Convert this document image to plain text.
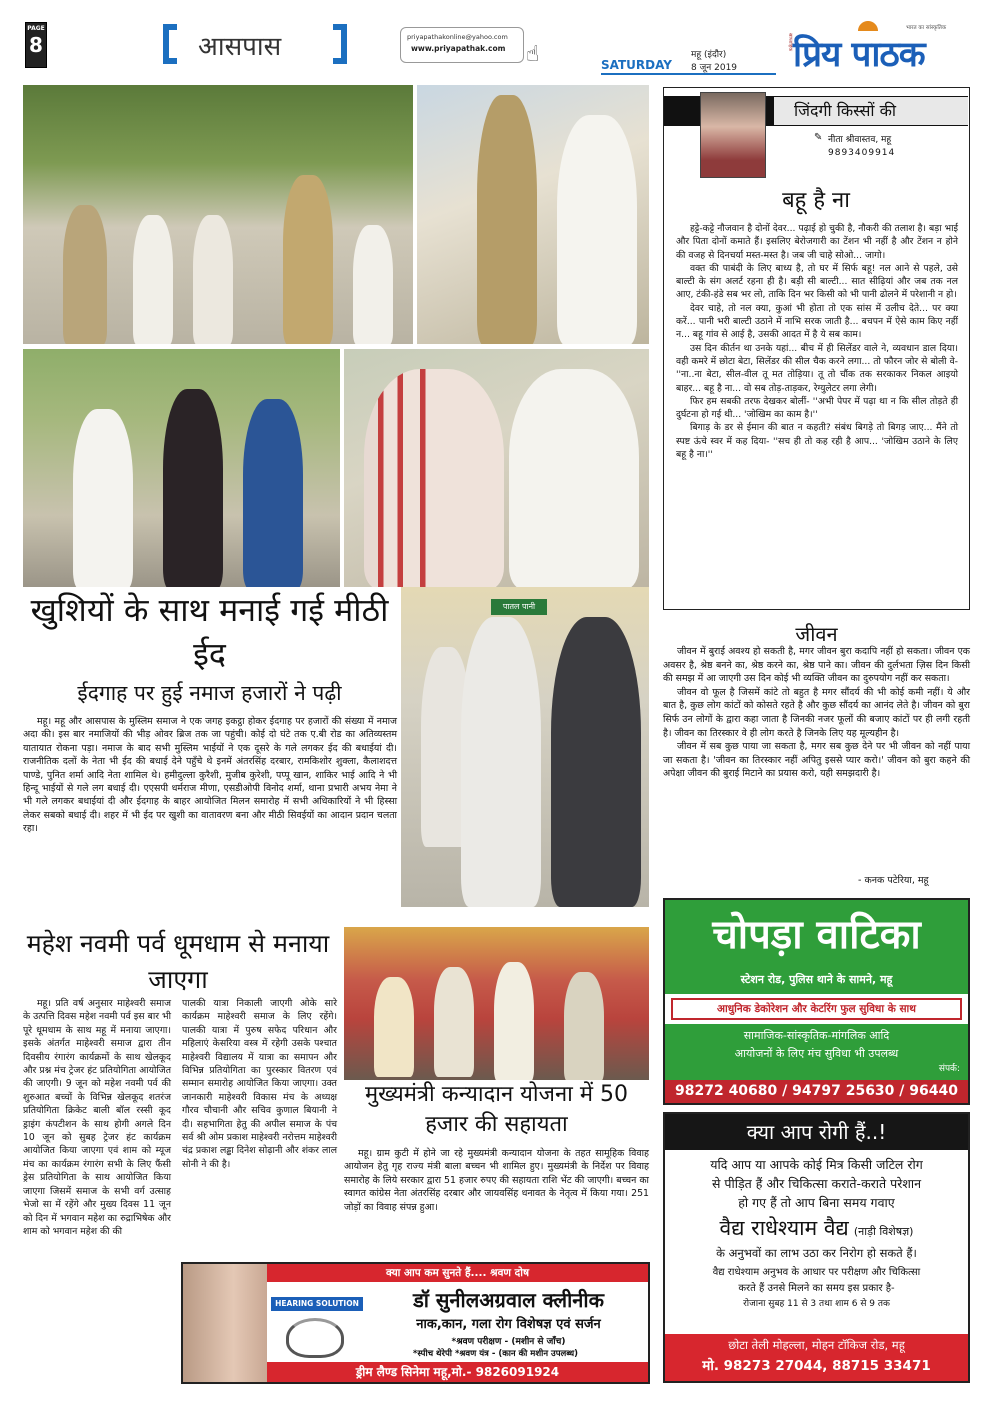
PAGE
8	आसपास	priyapathakonline@yahoo.com
www.priyapathak.com ☝	SATURDAY
महू (इंदौर)
8 जून 2019
साप्ताहिक
भारत का सांस्कृतिक
प्रिय पाठक
जिंदगी किस्सों की
✎ नीता श्रीवास्तव, महू
9893409914
बहू है ना

हट्टे-कट्टे नौजवान है दोनों देवर... पढ़ाई हो चुकी है, नौकरी की तलाश है। बड़ा भाई और पिता दोनों कमाते हैं। इसलिए बेरोजगारी का टेंशन भी नहीं है और टेंशन न होने की वजह से दिनचर्या मस्त-मस्त है। जब जी चाहे सोओ... जागो।

वक्त की पाबंदी के लिए बाध्य है, तो घर में सिर्फ बहू! नल आने से पहले, उसे बाल्टी के संग अलर्ट रहना ही है। बड़ी सी बाल्टी... सात सीढ़ियां और जब तक नल आए, टंकी-हंडे सब भर लो, ताकि दिन भर किसी को भी पानी ढोलने में परेशानी न हो।

देवर चाहे, तो नल क्या, कुआं भी होता तो एक सांस में उलीच देते... पर क्या करें... पानी भरी बाल्टी उठाने में नाभि सरक जाती है... बचपन में ऐसे काम किए नहीं न... बहू गांव से आई है, उसकी आदत में है ये सब काम।

उस दिन कीर्तन था उनके यहां... बीच में ही सिलेंडर वाले ने, व्यवधान डाल दिया। वही कमरे में छोटा बेटा, सिलेंडर की सील चैक करने लगा... तो फौरन जोर से बोली वे- ''ना..ना बेटा, सील-वील तू मत तोड़िया। तू तो चौंक तक सरकाकर निकल आइयो बाहर... बहू है ना... वो सब तोड़-ताड़कर, रेग्युलेटर लगा लेगी।

फिर हम सबकी तरफ देखकर बोलीं- ''अभी पेपर में पढ़ा था न कि सील तोड़ते ही दुर्घटना हो गई थी... 'जोखिम का काम है।''

बिगाड़ के डर से ईमान की बात न कहती? संबंध बिगड़े तो बिगड़ जाए... मैंने तो स्पष्ट ऊंचे स्वर में कह दिया- ''सच ही तो कह रही है आप... 'जोखिम उठाने के लिए बहू है ना।''

जीवन

जीवन में बुराई अवश्य हो सकती है, मगर जीवन बुरा कदापि नहीं हो सकता। जीवन एक अवसर है, श्रेष्ठ बनने का, श्रेष्ठ करने का, श्रेष्ठ पाने का। जीवन की दुर्लभता ज़िस दिन किसी की समझ में आ जाएगी उस दिन कोई भी व्यक्ति जीवन का दुरुपयोग नहीं कर सकता।

जीवन वो फूल है जिसमें कांटे तो बहुत है मगर सौंदर्य की भी कोई कमी नहीं। ये और बात है, कुछ लोग कांटों को कोसते रहते है और कुछ सौंदर्य का आनंद लेते है। जीवन को बुरा सिर्फ उन लोगों के द्वारा कहा जाता है जिनकी नजर फूलों की बजाए कांटों पर ही लगी रहती है। जीवन का तिरस्कार वे ही लोग करते है जिनके लिए यह मूल्यहीन है।

जीवन में सब कुछ पाया जा सकता है, मगर सब कुछ देने पर भी जीवन को नहीं पाया जा सकता है। 'जीवन का तिरस्कार नहीं अपितु इससे प्यार करो।' जीवन को बुरा कहने की अपेक्षा जीवन की बुराई मिटाने का प्रयास करो, यही समझदारी है।

- कनक पटेरिया, महू
खुशियों के साथ मनाई गई मीठी ईद
ईदगाह पर हुई नमाज हजारों ने पढ़ी

महू। महू और आसपास के मुस्लिम समाज ने एक जगह इकट्ठा होकर ईदगाह पर हजारों की संख्या में नमाज अदा की। इस बार नमाजियों की भीड़ ओवर ब्रिज तक जा पहुंची। कोई दो घंटे तक ए.बी रोड का अतिव्यस्तम यातायात रोकना पड़ा। नमाज के बाद सभी मुस्लिम भाईयों ने एक दूसरे के गले लगकर ईद की बधाईयां दी। राजनीतिक दलों के नेता भी ईद की बधाई देने पहुँचे थे इनमें अंतरसिंह दरबार, रामकिशोर शुक्ला, कैलाशदत्त पाण्डे, पुनित शर्मा आदि नेता शामिल थे। हमीदुल्ला कुरैशी, मुजीब कुरेशी, पप्पू खान, शाकिर भाई आदि ने भी हिन्दू भाईयों से गले लग बधाई दी। एएसपी धर्मराज मीणा, एसडीओपी विनोद शर्मा, थाना प्रभारी अभय नेमा ने भी गले लगकर बधाईयां दी और ईदगाह के बाहर आयोजित मिलन समारोह में सभी अधिकारियों ने भी हिस्सा लेकर सबको बधाई दी। शहर में भी ईद पर खुशी का वातावरण बना और मीठी सिवईयों का आदान प्रदान चलता रहा।

पातल पानी
चोपड़ा वाटिका
स्टेशन रोड, पुलिस थाने के सामने, महू
आधुनिक डेकोरेशन और केटरिंग फुल सुविधा के साथ
सामाजिक-सांस्कृतिक-मांगलिक आदि
आयोजनों के लिए मंच सुविधा भी उपलब्ध
संपर्क:
98272 40680 / 94797 25630 / 96440
महेश नवमी पर्व धूमधाम से मनाया जाएगा

महू। प्रति वर्ष अनुसार माहेश्वरी समाज के उत्पत्ति दिवस महेश नवमी पर्व इस बार भी पूरे धूमधाम के साथ महू में मनाया जाएगा। इसके अंतर्गत माहेश्वरी समाज द्वारा तीन दिवसीय रंगारंग कार्यक्रमों के साथ खेलकूद और प्रश्न मंच ट्रेजर हंट प्रतियोगिता आयोजित की जाएगी। 9 जून को महेश नवमी पर्व की शुरुआत बच्चों के विभिन्न खेलकूद शतरंज प्रतियोगिता क्रिकेट बाली बॉल रस्सी कूद ड्राइंग कंपटीशन के साथ होगी अगले दिन 10 जून को सुबह ट्रेजर हंट कार्यक्रम आयोजित किया जाएगा एवं शाम को म्यूज मंच का कार्यक्रम रंगारंग सभी के लिए फैंसी ड्रेस प्रतियोगिता के साथ आयोजित किया जाएगा जिसमें समाज के सभी वर्ग उत्साह भेजो सा में रहेंगे और मुख्य दिवस 11 जून को दिन में भगवान महेश का रुद्राभिषेक और शाम को भगवान महेश की की

पालकी यात्रा निकाली जाएगी ओके सारे कार्यक्रम माहेश्वरी समाज के लिए रहेंगे। पालकी यात्रा में पुरुष सफेद परिधान और महिलाएं केसरिया वस्त्र में रहेगी उसके पश्चात माहेश्वरी विद्यालय में यात्रा का समापन और विभिन्न प्रतियोगिता का पुरस्कार वितरण एवं सम्मान समारोह आयोजित किया जाएगा। उक्त जानकारी माहेश्वरी विकास मंच के अध्यक्ष गौरव चौचानी और सचिव कुणाल बियानी ने दी। सहभागिता हेतु की अपील समाज के पंच सर्व श्री ओम प्रकाश माहेश्वरी नरोत्तम माहेश्वरी चंद्र प्रकाश लड्ढा दिनेश सोढ़ानी और शंकर लाल सोनी ने की है।

मुख्यमंत्री कन्यादान योजना में 50 हजार की सहायता

महू। ग्राम कुटी में होने जा रहे मुख्यमंत्री कन्यादान योजना के तहत सामूहिक विवाह आयोजन हेतु गृह राज्य मंत्री बाला बच्चन भी शामिल हुए। मुख्यमंत्री के निर्देश पर विवाह समारोह के लिये सरकार द्वारा 51 हजार रुपए की सहायता राशि भेंट की जाएगी। बच्चन का स्वागत कांग्रेस नेता अंतरसिंह दरबार और जायवसिंह धनावत के नेतृत्व में किया गया। 251 जोड़ों का विवाह संपन्न हुआ।

क्या आप कम सुनते हैं.... श्रवण दोष
HEARING SOLUTION	डॉ सुनीलअग्रवाल क्लीनीक
नाक,कान, गला रोग विशेषज्ञ एवं सर्जन
*श्रवण परीक्षण - (मशीन से जाँच)
*स्पीच थेरेपी *श्रवण यंत्र - (कान की मशीन उपलब्ध)
ड्रीम लैण्ड सिनेमा महू,मो.- 9826091924
क्या आप रोगी हैं..!
यदि आप या आपके कोई मित्र किसी जटिल रोग
से पीड़ित हैं और चिकित्सा कराते-कराते परेशान
हो गए हैं तो आप बिना समय गवाए
वैद्य राधेश्याम वैद्य (नाड़ी विशेषज्ञ)
के अनुभवों का लाभ उठा कर निरोग हो सकते हैं।
वैद्य राधेश्याम अनुभव के आधार पर परीक्षण और चिकित्सा
करते हैं उनसे मिलने का समय इस प्रकार है-
रोजाना सुबह 11 से 3 तथा शाम 6 से 9 तक
छोटा तेली मोहल्ला, मोहन टॉकिज रोड, महू
मो. 98273 27044, 88715 33471
